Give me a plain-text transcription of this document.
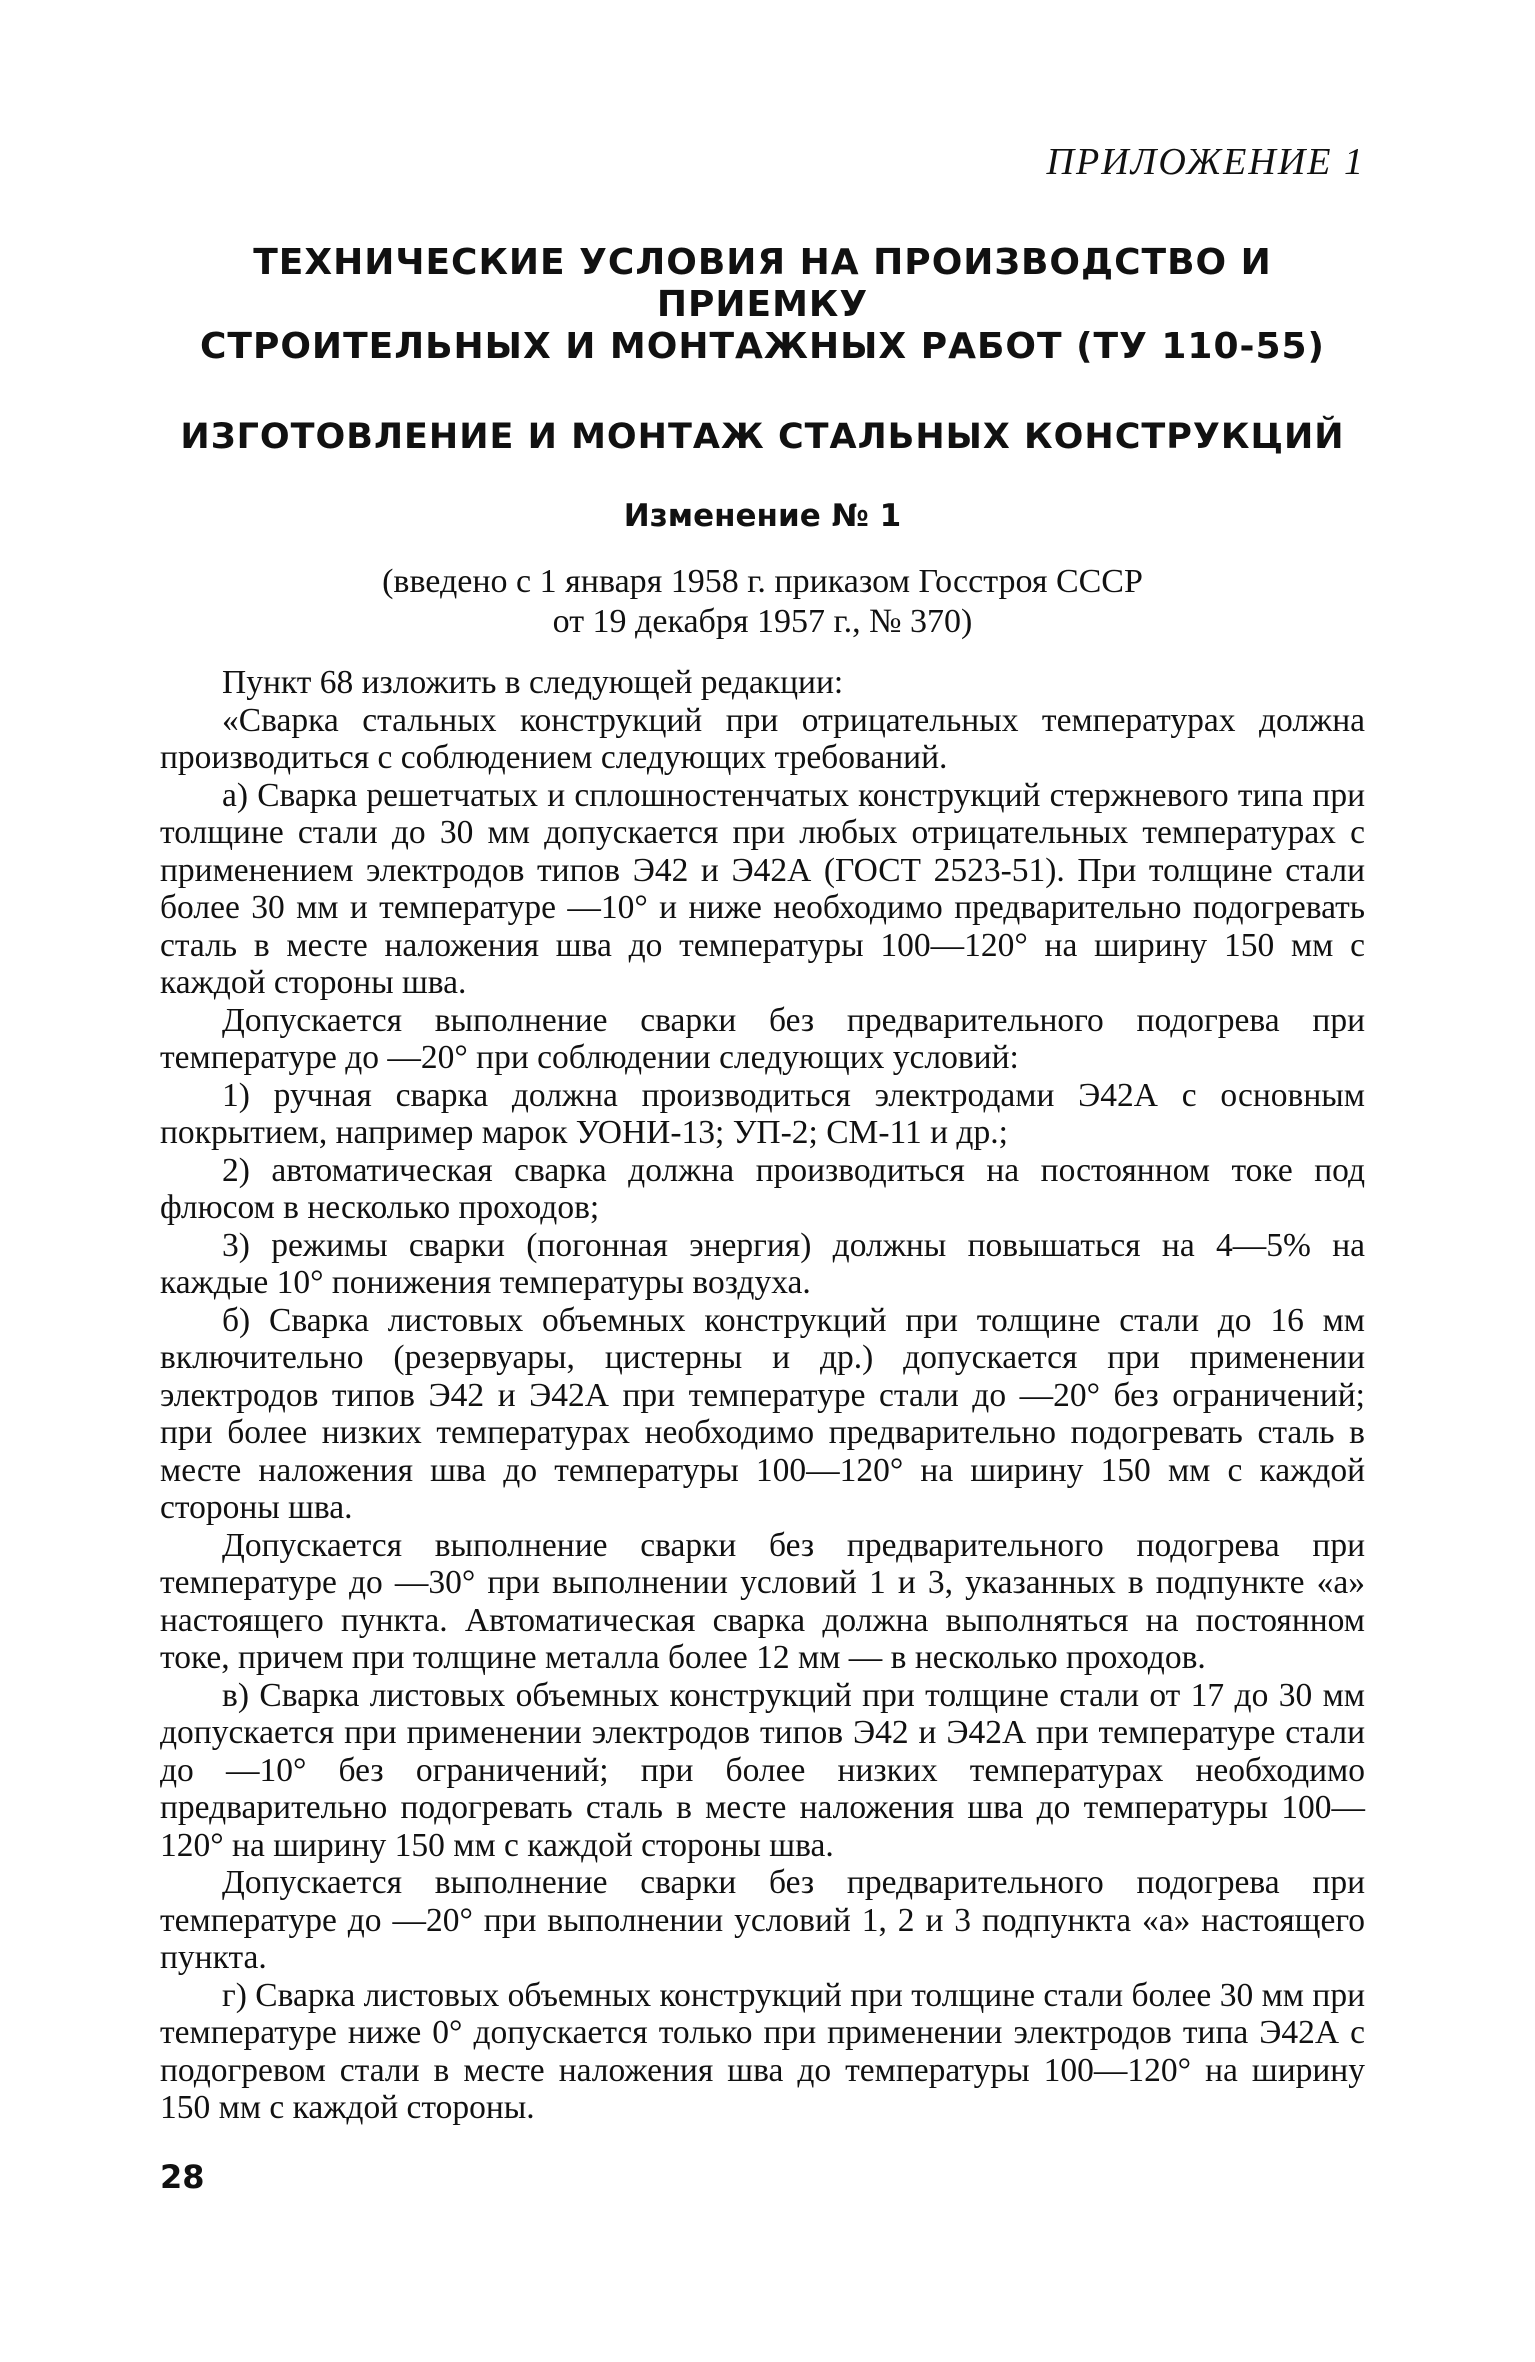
ПРИЛОЖЕНИЕ 1
ТЕХНИЧЕСКИЕ УСЛОВИЯ НА ПРОИЗВОДСТВО И ПРИЕМКУ
СТРОИТЕЛЬНЫХ И МОНТАЖНЫХ РАБОТ (ТУ 110-55)
ИЗГОТОВЛЕНИЕ И МОНТАЖ СТАЛЬНЫХ КОНСТРУКЦИЙ
Изменение № 1
(введено с 1 января 1958 г. приказом Госстроя СССР
от 19 декабря 1957 г., № 370)

Пункт 68 изложить в следующей редакции:

«Сварка стальных конструкций при отрицательных температурах должна производиться с соблюдением следующих требований.

а) Сварка решетчатых и сплошностенчатых конструкций стержневого типа при толщине стали до 30 мм допускается при любых отрицательных температурах с применением электродов типов Э42 и Э42А (ГОСТ 2523-51). При толщине стали более 30 мм и температуре —10° и ниже необходимо предварительно подогревать сталь в месте наложения шва до температуры 100—120° на ширину 150 мм с каждой стороны шва.

Допускается выполнение сварки без предварительного подогрева при температуре до —20° при соблюдении следующих условий:

1) ручная сварка должна производиться электродами Э42А с основным покрытием, например марок УОНИ-13; УП-2; СМ-11 и др.;

2) автоматическая сварка должна производиться на постоянном токе под флюсом в несколько проходов;

3) режимы сварки (погонная энергия) должны повышаться на 4—5% на каждые 10° понижения температуры воздуха.

б) Сварка листовых объемных конструкций при толщине стали до 16 мм включительно (резервуары, цистерны и др.) допускается при применении электродов типов Э42 и Э42А при температуре стали до —20° без ограничений; при более низких температурах необходимо предварительно подогревать сталь в месте наложения шва до температуры 100—120° на ширину 150 мм с каждой стороны шва.

Допускается выполнение сварки без предварительного подогрева при температуре до —30° при выполнении условий 1 и 3, указанных в подпункте «а» настоящего пункта. Автоматическая сварка должна выполняться на постоянном токе, причем при толщине металла более 12 мм — в несколько проходов.

в) Сварка листовых объемных конструкций при толщине стали от 17 до 30 мм допускается при применении электродов типов Э42 и Э42А при температуре стали до —10° без ограничений; при более низких температурах необходимо предварительно подогревать сталь в месте наложения шва до температуры 100—120° на ширину 150 мм с каждой стороны шва.

Допускается выполнение сварки без предварительного подогрева при температуре до —20° при выполнении условий 1, 2 и 3 подпункта «а» настоящего пункта.

г) Сварка листовых объемных конструкций при толщине стали более 30 мм при температуре ниже 0° допускается только при применении электродов типа Э42А с подогревом стали в месте наложения шва до температуры 100—120° на ширину 150 мм с каждой стороны.

28
